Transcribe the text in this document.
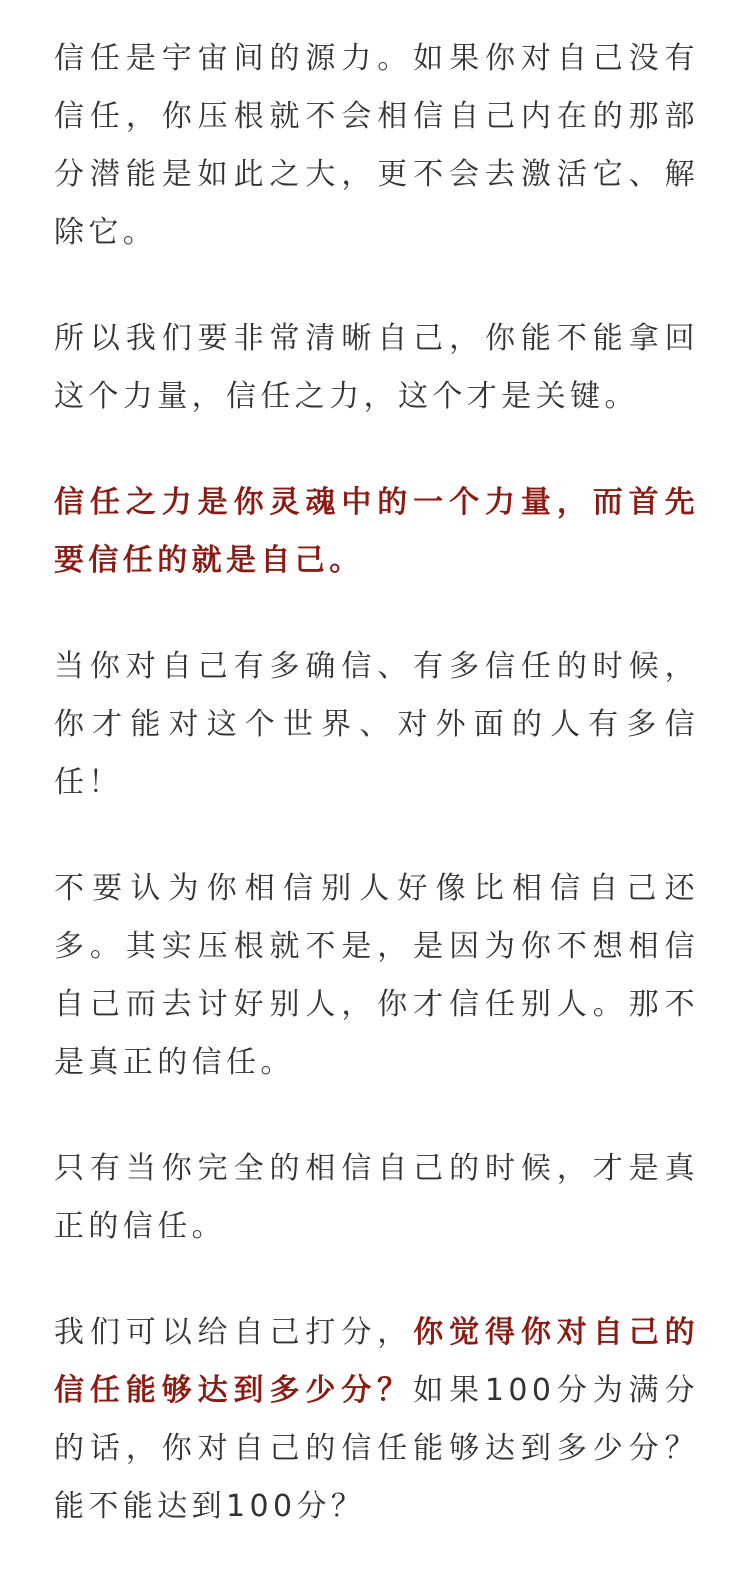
信任是宇宙间的源力。如果你对自己没有信任，你压根就不会相信自己内在的那部分潜能是如此之大，更不会去激活它、解除它。

所以我们要非常清晰自己，你能不能拿回这个力量，信任之力，这个才是关键。

信任之力是你灵魂中的一个力量，而首先要信任的就是自己。

当你对自己有多确信、有多信任的时候，你才能对这个世界、对外面的人有多信任！

不要认为你相信别人好像比相信自己还多。其实压根就不是，是因为你不想相信自己而去讨好别人，你才信任别人。那不是真正的信任。

只有当你完全的相信自己的时候，才是真正的信任。

我们可以给自己打分，你觉得你对自己的信任能够达到多少分？如果100分为满分的话，你对自己的信任能够达到多少分？能不能达到100分？
